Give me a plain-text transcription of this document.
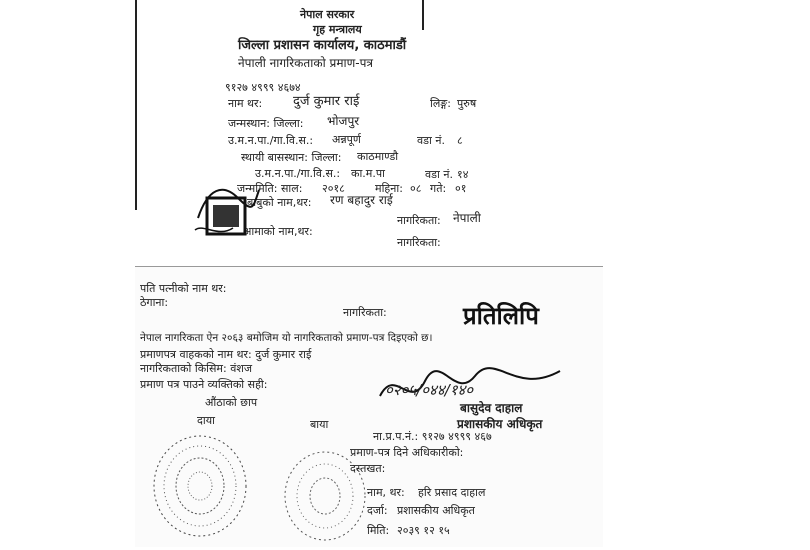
नेपाल सरकार
गृह मन्त्रालय
जिल्ला प्रशासन कार्यालय, काठमाडौं
नेपाली नागरिकताको प्रमाण-पत्र
९१२७ ४९९९ ४६७४
नाम थर: दुर्ज कुमार राई	लिङ्ग: पुरुष
जन्मस्थान: जिल्ला: भोजपुर
उ.म.न.पा./गा.वि.स.: अन्नपूर्ण	वडा नं. ८
स्थायी बासस्थान: जिल्ला: काठमाण्डौ
उ.म.न.पा./गा.वि.स.: का.म.पा	वडा नं. १४
जन्ममिति: साल: २०१८	महिना: ०८ गते: ०१
बाबुको नाम,थर: रण बहादुर राई
नागरिकता: नेपाली
आमाको नाम,थर:
नागरिकता:
पति पत्नीको नाम थर:
ठेगाना:
नागरिकता:	प्रतिलिपि
नेपाल नागरिकता ऐन २०६३ बमोजिम यो नागरिकताको प्रमाण-पत्र दिइएको छ।
प्रमाणपत्र वाहकको नाम थर: दुर्ज कुमार राई
नागरिकताको किसिम: वंशज
प्रमाण पत्र पाउने व्यक्तिको सही:
औंठाको छाप
दाया	बाया
०२०५/०४४/१४०
बासुदेव दाहाल
प्रशासकीय अधिकृत
ना.प्र.प.नं.: ९१२७ ४९९९ ४६७
प्रमाण-पत्र दिने अधिकारीको:
दस्तखत:
नाम, थर: हरि प्रसाद दाहाल
दर्जा: प्रशासकीय अधिकृत
मिति: २०३९ १२ १५
